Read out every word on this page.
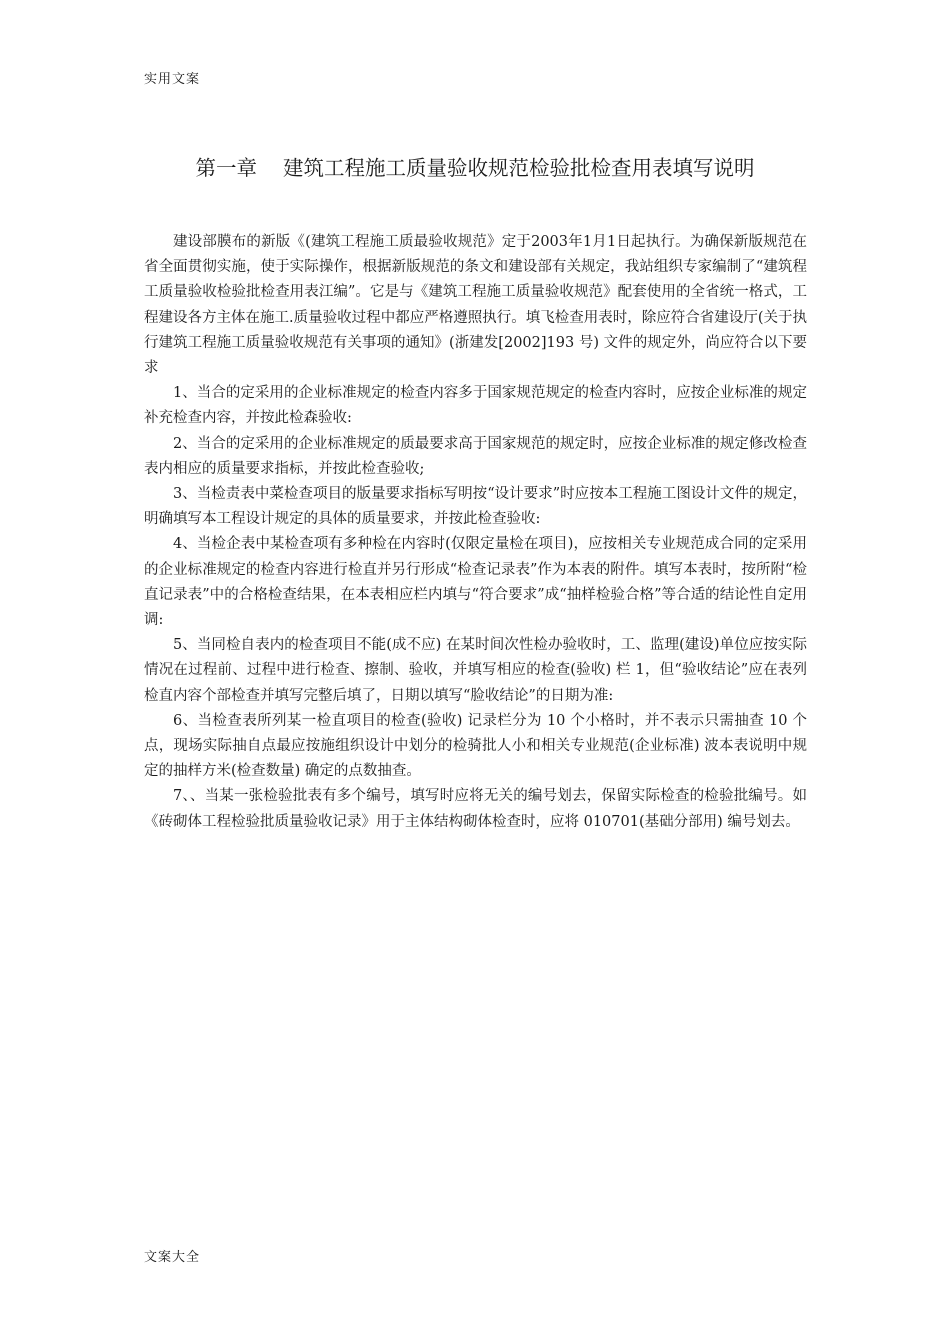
实用文案
第一章 建筑工程施工质量验收规范检验批检查用表填写说明

建设部膜布的新版《(建筑工程施工质最验收规范》定于2003年1月1日起执行。为确保新版规范在省全面贯彻实施，使于实际操作，根据新版规范的条文和建设部有关规定，我站组织专家编制了“建筑程工质量验收检验批检查用表江编”。它是与《建筑工程施工质量验收规范》配套使用的全省统一格式，工程建设各方主体在施工.质量验收过程中都应严格遵照执行。填飞检查用表时，除应符合省建设厅(关于执行建筑工程施工质量验收规范有关事项的通知》(浙建发[2002]193 号) 文件的规定外，尚应符合以下要求

1、当合的定采用的企业标准规定的检查内容多于国家规范规定的检查内容时，应按企业标准的规定补充检查内容，并按此检森验收:

2、当合的定采用的企业标准规定的质最要求高于国家规范的规定时，应按企业标准的规定修改检查表内相应的质量要求指标，并按此检查验收;

3、当检责表中菜检查项目的版量要求指标写明按“设计要求”时应按本工程施工图设计文件的规定，明确填写本工程设计规定的具体的质量要求，并按此检查验收:

4、当检企表中某检查项有多种检在内容时(仅限定量检在项目)，应按相关专业规范成合同的定采用的企业标准规定的检查内容进行检直并另行形成“检查记录表”作为本表的附件。填写本表时，按所附“检直记录表”中的合格检查结果，在本表相应栏内填与“符合要求”成“抽样检验合格”等合适的结论性自定用调:

5、当同检自表内的检查项目不能(成不应) 在某时间次性检办验收时，工、监理(建设)单位应按实际情况在过程前、过程中进行检查、擦制、验收，并填写相应的检查(验收) 栏 1，但“验收结论”应在表列检直内容个部检查并填写完整后填了，日期以填写“脸收结论”的日期为准:

6、当检查表所列某一检直项目的检查(验收) 记录栏分为 10 个小格时，并不表示只需抽查 10 个点，现场实际抽自点最应按施组织设计中划分的检骑批人小和相关专业规范(企业标准) 波本表说明中规定的抽样方米(检查数量) 确定的点数抽查。

7、、当某一张检验批表有多个编号，填写时应将无关的编号划去，保留实际检查的检验批编号。如《砖砌体工程检验批质量验收记录》用于主体结构砌体检查时，应将 010701(基础分部用) 编号划去。

文案大全
